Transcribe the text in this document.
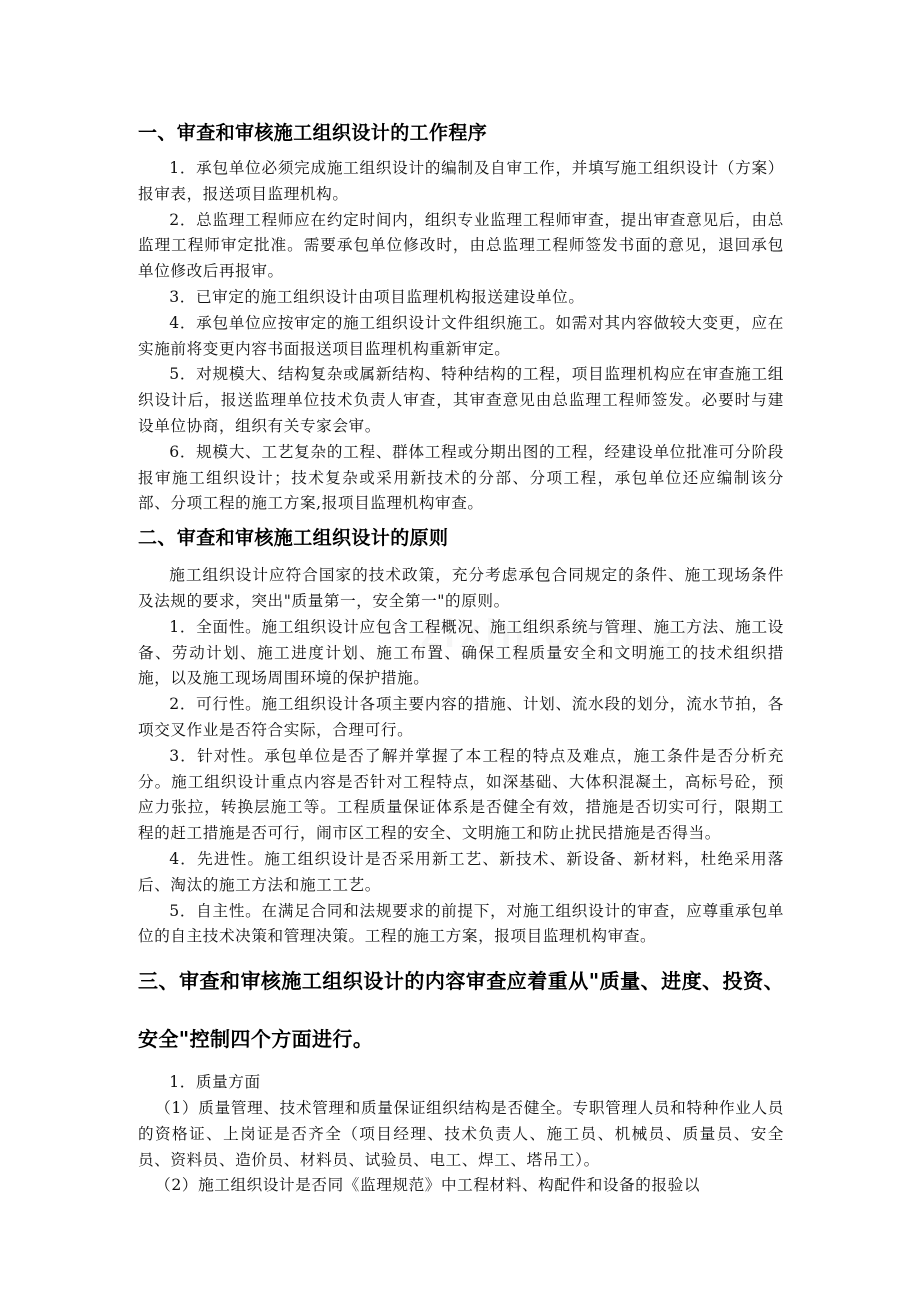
一、审查和审核施工组织设计的工作程序

1．承包单位必须完成施工组织设计的编制及自审工作，并填写施工组织设计（方案）报审表，报送项目监理机构。

2．总监理工程师应在约定时间内，组织专业监理工程师审查，提出审查意见后，由总监理工程师审定批准。需要承包单位修改时，由总监理工程师签发书面的意见，退回承包单位修改后再报审。

3．已审定的施工组织设计由项目监理机构报送建设单位。

4．承包单位应按审定的施工组织设计文件组织施工。如需对其内容做较大变更，应在实施前将变更内容书面报送项目监理机构重新审定。

5．对规模大、结构复杂或属新结构、特种结构的工程，项目监理机构应在审查施工组织设计后，报送监理单位技术负责人审查，其审查意见由总监理工程师签发。必要时与建设单位协商，组织有关专家会审。

6．规模大、工艺复杂的工程、群体工程或分期出图的工程，经建设单位批准可分阶段报审施工组织设计；技术复杂或采用新技术的分部、分项工程，承包单位还应编制该分部、分项工程的施工方案,报项目监理机构审查。

二、审查和审核施工组织设计的原则

施工组织设计应符合国家的技术政策，充分考虑承包合同规定的条件、施工现场条件及法规的要求，突出"质量第一，安全第一"的原则。

1．全面性。施工组织设计应包含工程概况、施工组织系统与管理、施工方法、施工设备、劳动计划、施工进度计划、施工布置、确保工程质量安全和文明施工的技术组织措施，以及施工现场周围环境的保护措施。

2．可行性。施工组织设计各项主要内容的措施、计划、流水段的划分，流水节拍，各项交叉作业是否符合实际，合理可行。

3．针对性。承包单位是否了解并掌握了本工程的特点及难点，施工条件是否分析充分。施工组织设计重点内容是否针对工程特点，如深基础、大体积混凝土，高标号砼，预应力张拉，转换层施工等。工程质量保证体系是否健全有效，措施是否切实可行，限期工程的赶工措施是否可行，闹市区工程的安全、文明施工和防止扰民措施是否得当。

4．先进性。施工组织设计是否采用新工艺、新技术、新设备、新材料，杜绝采用落后、淘汰的施工方法和施工工艺。

5．自主性。在满足合同和法规要求的前提下，对施工组织设计的审查，应尊重承包单位的自主技术决策和管理决策。工程的施工方案，报项目监理机构审查。

三、审查和审核施工组织设计的内容审查应着重从"质量、进度、投资、安全"控制四个方面进行。

1．质量方面

（1）质量管理、技术管理和质量保证组织结构是否健全。专职管理人员和特种作业人员的资格证、上岗证是否齐全（项目经理、技术负责人、施工员、机械员、质量员、安全员、资料员、造价员、材料员、试验员、电工、焊工、塔吊工）。

（2）施工组织设计是否同《监理规范》中工程材料、构配件和设备的报验以
